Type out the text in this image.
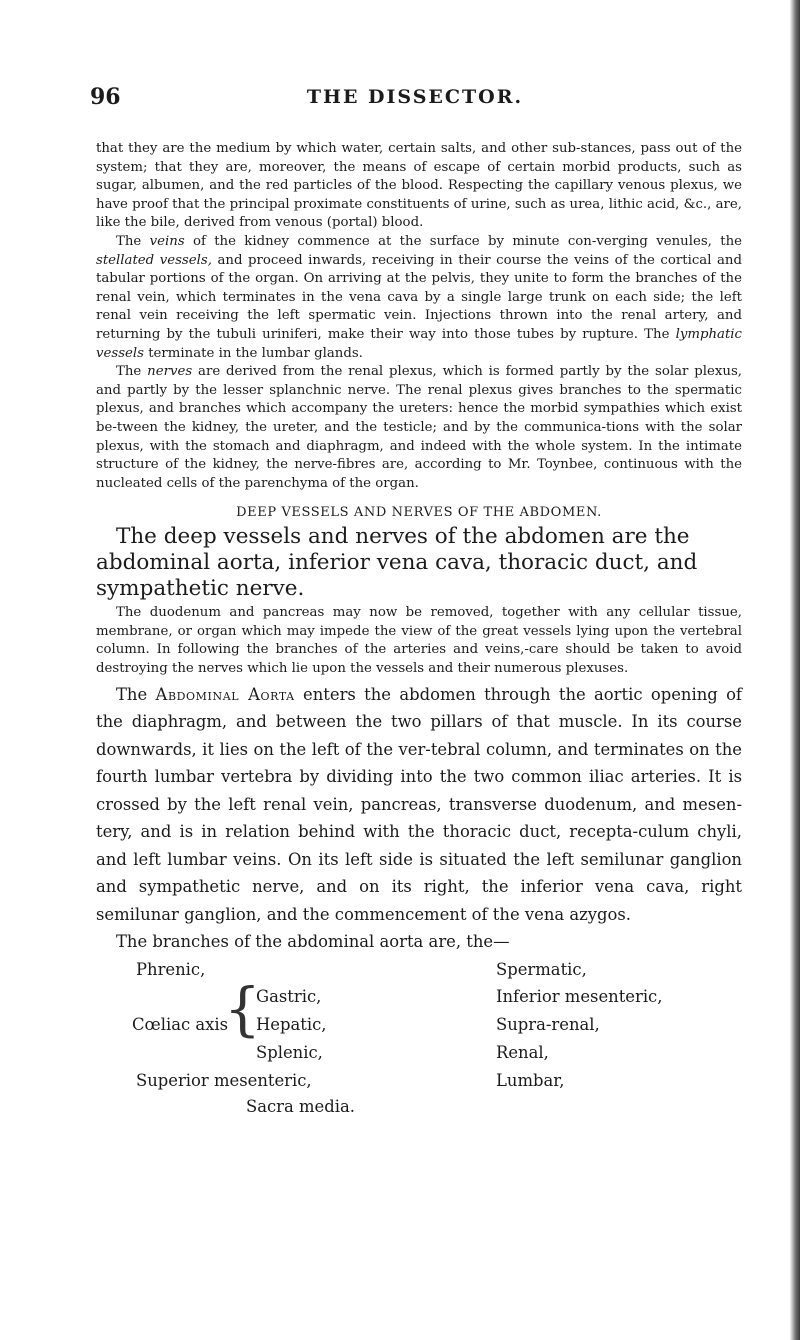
96	THE DISSECTOR.

that they are the medium by which water, certain salts, and other sub-stances, pass out of the system; that they are, moreover, the means of escape of certain morbid products, such as sugar, albumen, and the red particles of the blood. Respecting the capillary venous plexus, we have proof that the principal proximate constituents of urine, such as urea, lithic acid, &c., are, like the bile, derived from venous (portal) blood.

The veins of the kidney commence at the surface by minute con-verging venules, the stellated vessels, and proceed inwards, receiving in their course the veins of the cortical and tabular portions of the organ. On arriving at the pelvis, they unite to form the branches of the renal vein, which terminates in the vena cava by a single large trunk on each side; the left renal vein receiving the left spermatic vein. Injections thrown into the renal artery, and returning by the tubuli uriniferi, make their way into those tubes by rupture. The lymphatic vessels terminate in the lumbar glands.

The nerves are derived from the renal plexus, which is formed partly by the solar plexus, and partly by the lesser splanchnic nerve. The renal plexus gives branches to the spermatic plexus, and branches which accompany the ureters: hence the morbid sympathies which exist be-tween the kidney, the ureter, and the testicle; and by the communica-tions with the solar plexus, with the stomach and diaphragm, and indeed with the whole system. In the intimate structure of the kidney, the nerve-fibres are, according to Mr. Toynbee, continuous with the nucleated cells of the parenchyma of the organ.

DEEP VESSELS AND NERVES OF THE ABDOMEN.

The deep vessels and nerves of the abdomen are the abdominal aorta, inferior vena cava, thoracic duct, and sympathetic nerve.

The duodenum and pancreas may now be removed, together with any cellular tissue, membrane, or organ which may impede the view of the great vessels lying upon the vertebral column. In following the branches of the arteries and veins,-care should be taken to avoid destroying the nerves which lie upon the vessels and their numerous plexuses.

The Abdominal Aorta enters the abdomen through the aortic opening of the diaphragm, and between the two pillars of that muscle. In its course downwards, it lies on the left of the ver-tebral column, and terminates on the fourth lumbar vertebra by dividing into the two common iliac arteries. It is crossed by the left renal vein, pancreas, transverse duodenum, and mesen-tery, and is in relation behind with the thoracic duct, recepta-culum chyli, and left lumbar veins. On its left side is situated the left semilunar ganglion and sympathetic nerve, and on its right, the inferior vena cava, right semilunar ganglion, and the commencement of the vena azygos.

The branches of the abdominal aorta are, the—

Phrenic,
Cœliac axis
{
Gastric,
Hepatic,
Splenic,
Superior mesenteric,
Sacra media.
Spermatic,
Inferior mesenteric,
Supra-renal,
Renal,
Lumbar,
